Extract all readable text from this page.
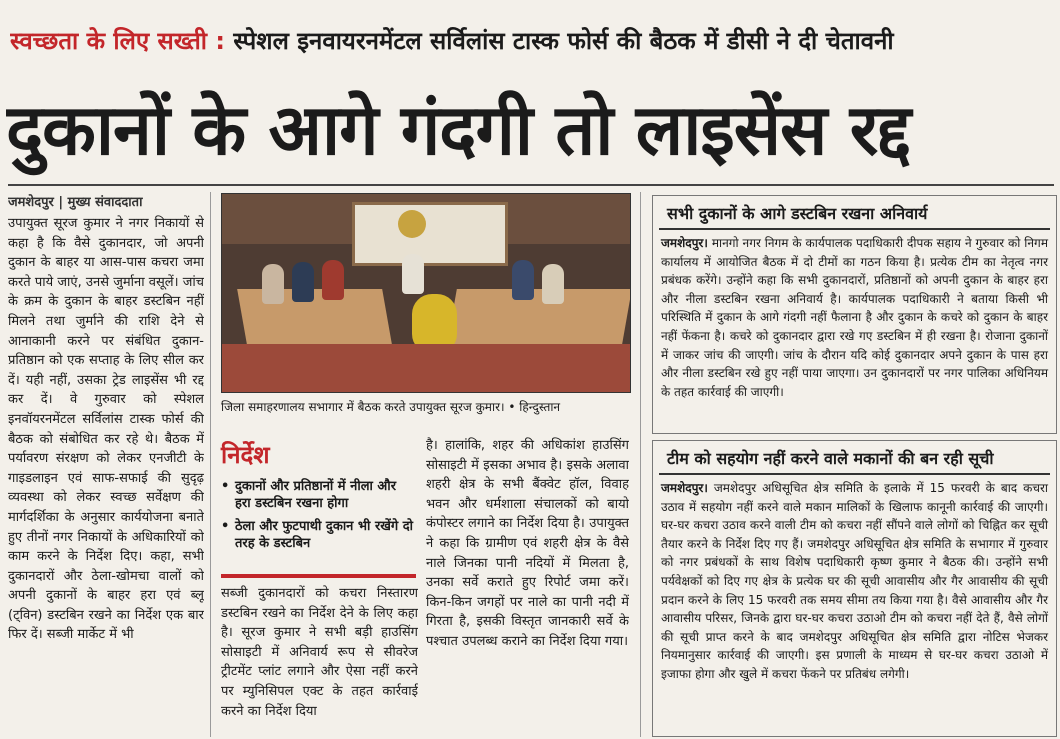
स्वच्छता के लिए सख्ती : स्पेशल इनवायरनमेंटल सर्विलांस टास्क फोर्स की बैठक में डीसी ने दी चेतावनी
दुकानों के आगे गंदगी तो लाइसेंस रद्द
जमशेदपुर | मुख्य संवाददाता
उपायुक्त सूरज कुमार ने नगर निकायों से कहा है कि वैसे दुकानदार, जो अपनी दुकान के बाहर या आस-पास कचरा जमा करते पाये जाएं, उनसे जुर्माना वसूलें। जांच के क्रम के दुकान के बाहर डस्टबिन नहीं मिलने तथा जुर्माने की राशि देने से आनाकानी करने पर संबंधित दुकान-प्रतिष्ठान को एक सप्ताह के लिए सील कर दें। यही नहीं, उसका ट्रेड लाइसेंस भी रद्द कर दें। वे गुरुवार को स्पेशल इनवॉयरनमेंटल सर्विलांस टास्क फोर्स की बैठक को संबोधित कर रहे थे। बैठक में पर्यावरण संरक्षण को लेकर एनजीटी के गाइडलाइन एवं साफ-सफाई की सुदृढ़ व्यवस्था को लेकर स्वच्छ सर्वेक्षण की मार्गदर्शिका के अनुसार कार्ययोजना बनाते हुए तीनों नगर निकायों के अधिकारियों को काम करने के निर्देश दिए। कहा, सभी दुकानदारों और ठेला-खोमचा वालों को अपनी दुकानों के बाहर हरा एवं ब्लू (ट्विन) डस्टबिन रखने का निर्देश एक बार फिर दें। सब्जी मार्केट में भी
जिला समाहरणालय सभागार में बैठक करते उपायुक्त सूरज कुमार। • हिन्दुस्तान
निर्देश
• दुकानों और प्रतिष्ठानों में नीला और हरा डस्टबिन रखना होगा
• ठेला और फुटपाथी दुकान भी रखेंगे दो तरह के डस्टबिन
सब्जी दुकानदारों को कचरा निस्तारण डस्टबिन रखने का निर्देश देने के लिए कहा है। सूरज कुमार ने सभी बड़ी हाउसिंग सोसाइटी में अनिवार्य रूप से सीवरेज ट्रीटमेंट प्लांट लगाने और ऐसा नहीं करने पर म्युनिसिपल एक्ट के तहत कार्रवाई करने का निर्देश दिया
है। हालांकि, शहर की अधिकांश हाउसिंग सोसाइटी में इसका अभाव है। इसके अलावा शहरी क्षेत्र के सभी बैंक्वेट हॉल, विवाह भवन और धर्मशाला संचालकों को बायो कंपोस्टर लगाने का निर्देश दिया है। उपायुक्त ने कहा कि ग्रामीण एवं शहरी क्षेत्र के वैसे नाले जिनका पानी नदियों में मिलता है, उनका सर्वे कराते हुए रिपोर्ट जमा करें। किन-किन जगहों पर नाले का पानी नदी में गिरता है, इसकी विस्तृत जानकारी सर्वे के पश्चात उपलब्ध कराने का निर्देश दिया गया।
सभी दुकानों के आगे डस्टबिन रखना अनिवार्य
जमशेदपुर। मानगो नगर निगम के कार्यपालक पदाधिकारी दीपक सहाय ने गुरुवार को निगम कार्यालय में आयोजित बैठक में दो टीमों का गठन किया है। प्रत्येक टीम का नेतृत्व नगर प्रबंधक करेंगे। उन्होंने कहा कि सभी दुकानदारों, प्रतिष्ठानों को अपनी दुकान के बाहर हरा और नीला डस्टबिन रखना अनिवार्य है। कार्यपालक पदाधिकारी ने बताया किसी भी परिस्थिति में दुकान के आगे गंदगी नहीं फैलाना है और दुकान के कचरे को दुकान के बाहर नहीं फेंकना है। कचरे को दुकानदार द्वारा रखे गए डस्टबिन में ही रखना है। रोजाना दुकानों में जाकर जांच की जाएगी। जांच के दौरान यदि कोई दुकानदार अपने दुकान के पास हरा और नीला डस्टबिन रखे हुए नहीं पाया जाएगा। उन दुकानदारों पर नगर पालिका अधिनियम के तहत कार्रवाई की जाएगी।
टीम को सहयोग नहीं करने वाले मकानों की बन रही सूची
जमशेदपुर। जमशेदपुर अधिसूचित क्षेत्र समिति के इलाके में 15 फरवरी के बाद कचरा उठाव में सहयोग नहीं करने वाले मकान मालिकों के खिलाफ कानूनी कार्रवाई की जाएगी। घर-घर कचरा उठाव करने वाली टीम को कचरा नहीं सौंपने वाले लोगों को चिह्नित कर सूची तैयार करने के निर्देश दिए गए हैं। जमशेदपुर अधिसूचित क्षेत्र समिति के सभागार में गुरुवार को नगर प्रबंधकों के साथ विशेष पदाधिकारी कृष्ण कुमार ने बैठक की। उन्होंने सभी पर्यवेक्षकों को दिए गए क्षेत्र के प्रत्येक घर की सूची आवासीय और गैर आवासीय की सूची प्रदान करने के लिए 15 फरवरी तक समय सीमा तय किया गया है। वैसे आवासीय और गैर आवासीय परिसर, जिनके द्वारा घर-घर कचरा उठाओ टीम को कचरा नहीं देते हैं, वैसे लोगों की सूची प्राप्त करने के बाद जमशेदपुर अधिसूचित क्षेत्र समिति द्वारा नोटिस भेजकर नियमानुसार कार्रवाई की जाएगी। इस प्रणाली के माध्यम से घर-घर कचरा उठाओ में इजाफा होगा और खुले में कचरा फेंकने पर प्रतिबंध लगेगी।
